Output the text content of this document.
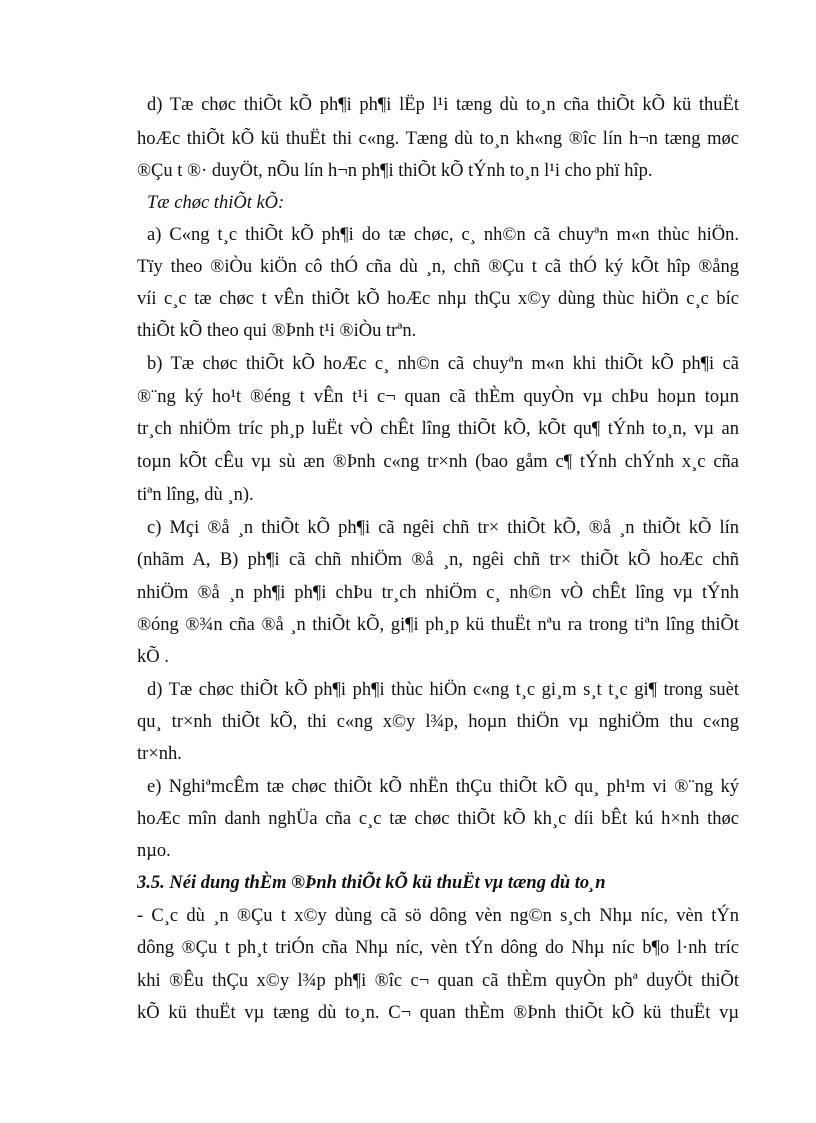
d) Tæ chøc thiÕt kÕ ph¶i ph¶i lËp l¹i tæng dù to¸n cña thiÕt kÕ kü thuËt
hoÆc thiÕt kÕ kü thuËt thi c«ng. Tæng dù to¸n kh«ng ®îc lín h¬n tæng møc
®Çu t ®· duyÖt, nÕu lín h¬n ph¶i thiÕt kÕ tÝnh to¸n l¹i cho phï hîp.
Tæ chøc thiÕt kÕ:
a) C«ng t¸c thiÕt kÕ ph¶i do tæ chøc, c¸ nh©n cã chuyªn m«n thùc hiÖn.
Tïy theo ®iÒu kiÖn cô thÓ cña dù ¸n, chñ ®Çu t cã thÓ ký kÕt hîp ®ång
víi c¸c tæ chøc t vÊn thiÕt kÕ hoÆc nhµ thÇu x©y dùng thùc hiÖn c¸c bíc
thiÕt kÕ theo qui ®Þnh t¹i ®iÒu trªn.
b) Tæ chøc thiÕt kÕ hoÆc c¸ nh©n cã chuyªn m«n khi thiÕt kÕ ph¶i cã
®¨ng ký ho¹t ®éng t vÊn t¹i c¬ quan cã thÈm quyÒn vµ chÞu hoµn toµn
tr¸ch nhiÖm tríc ph¸p luËt vÒ chÊt lîng thiÕt kÕ, kÕt qu¶ tÝnh to¸n, vµ an
toµn kÕt cÊu vµ sù æn ®Þnh c«ng tr×nh (bao gåm c¶ tÝnh chÝnh x¸c cña
tiªn lîng, dù ¸n).
c) Mçi ®å ¸n thiÕt kÕ ph¶i cã ngêi chñ tr× thiÕt kÕ, ®å ¸n thiÕt kÕ lín
(nhãm A, B) ph¶i cã chñ nhiÖm ®å ¸n, ngêi chñ tr× thiÕt kÕ hoÆc chñ
nhiÖm ®å ¸n ph¶i ph¶i chÞu tr¸ch nhiÖm c¸ nh©n vÒ chÊt lîng vµ tÝnh
®óng ®¾n cña ®å ¸n thiÕt kÕ, gi¶i ph¸p kü thuËt nªu ra trong tiªn lîng thiÕt
kÕ .
d) Tæ chøc thiÕt kÕ ph¶i ph¶i thùc hiÖn c«ng t¸c gi¸m s¸t t¸c gi¶ trong suèt
qu¸ tr×nh thiÕt kÕ, thi c«ng x©y l¾p, hoµn thiÖn vµ nghiÖm thu c«ng
tr×nh.
e) NghiªmcÊm tæ chøc thiÕt kÕ nhËn thÇu thiÕt kÕ qu¸ ph¹m vi ®¨ng ký
hoÆc mîn danh nghÜa cña c¸c tæ chøc thiÕt kÕ kh¸c díi bÊt kú h×nh thøc
nµo.
3.5. Néi dung thÈm ®Þnh thiÕt kÕ kü thuËt vµ tæng dù to¸n
- C¸c dù ¸n ®Çu t x©y dùng cã sö dông vèn ng©n s¸ch Nhµ níc, vèn tÝn
dông ®Çu t ph¸t triÓn cña Nhµ níc, vèn tÝn dông do Nhµ níc b¶o l·nh tríc
khi ®Êu thÇu x©y l¾p ph¶i ®îc c¬ quan cã thÈm quyÒn phª duyÖt thiÕt
kÕ kü thuËt vµ tæng dù to¸n. C¬ quan thÈm ®Þnh thiÕt kÕ kü thuËt vµ
